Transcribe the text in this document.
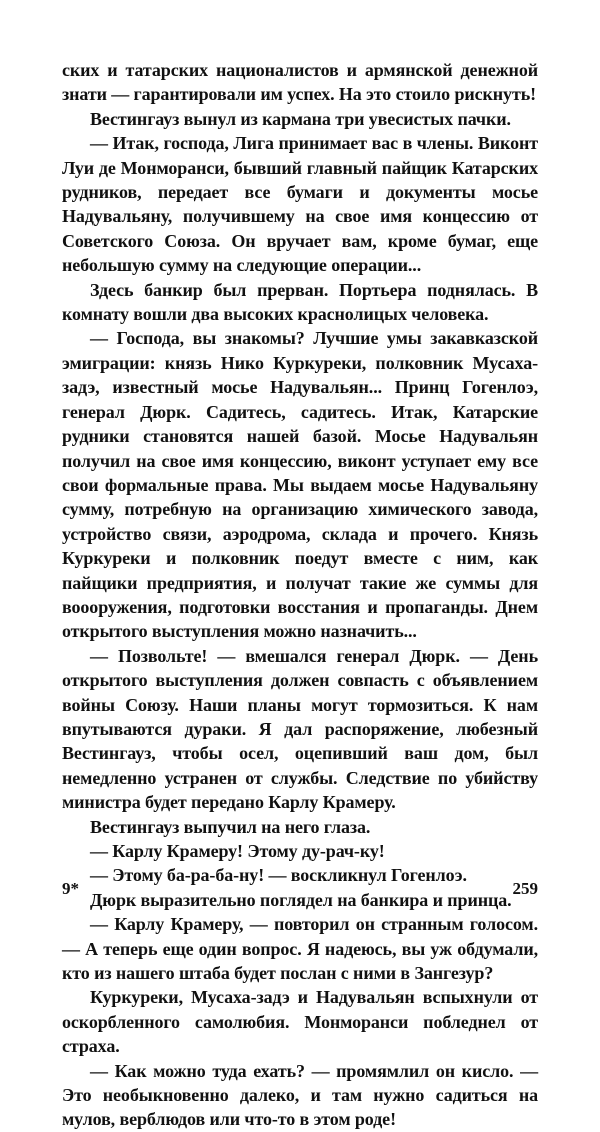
ских и татарских националистов и армянской денежной знати — гарантировали им успех. На это стоило рискнуть!

Вестингауз вынул из кармана три увесистых пачки.

— Итак, господа, Лига принимает вас в члены. Виконт Луи де Монморанси, бывший главный пайщик Катарских рудников, передает все бумаги и документы мосье Надувальяну, получившему на свое имя концессию от Советского Союза. Он вручает вам, кроме бумаг, еще небольшую сумму на следующие операции...

Здесь банкир был прерван. Портьера поднялась. В комнату вошли два высоких краснолицых человека.

— Господа, вы знакомы? Лучшие умы закавказской эмиграции: князь Нико Куркуреки, полковник Мусаха-задэ, известный мосье Надувальян... Принц Гогенлоэ, генерал Дюрк. Садитесь, садитесь. Итак, Катарские рудники становятся нашей базой. Мосье Надувальян получил на свое имя концессию, виконт уступает ему все свои формальные права. Мы выдаем мосье Надувальяну сумму, потребную на организацию химического завода, устройство связи, аэродрома, склада и прочего. Князь Куркуреки и полковник поедут вместе с ним, как пайщики предприятия, и получат такие же суммы для воооружения, подготовки восстания и пропаганды. Днем открытого выступления можно назначить...

— Позвольте! — вмешался генерал Дюрк. — День открытого выступления должен совпасть с объявлением войны Союзу. Наши планы могут тормозиться. К нам впутываются дураки. Я дал распоряжение, любезный Вестингауз, чтобы осел, оцепивший ваш дом, был немедленно устранен от службы. Следствие по убийству министра будет передано Карлу Крамеру.

Вестингауз выпучил на него глаза.

— Карлу Крамеру! Этому ду-рач-ку!

— Этому ба-ра-ба-ну! — воскликнул Гогенлоэ.

Дюрк выразительно поглядел на банкира и принца.

— Карлу Крамеру, — повторил он странным голосом. — А теперь еще один вопрос. Я надеюсь, вы уж обдумали, кто из нашего штаба будет послан с ними в Зангезур?

Куркуреки, Мусаха-задэ и Надувальян вспыхнули от оскорбленного самолюбия. Монморанси побледнел от страха.

— Как можно туда ехать? — промямлил он кисло. — Это необыкновенно далеко, и там нужно садиться на мулов, верблюдов или что-то в этом роде!

9*	259
